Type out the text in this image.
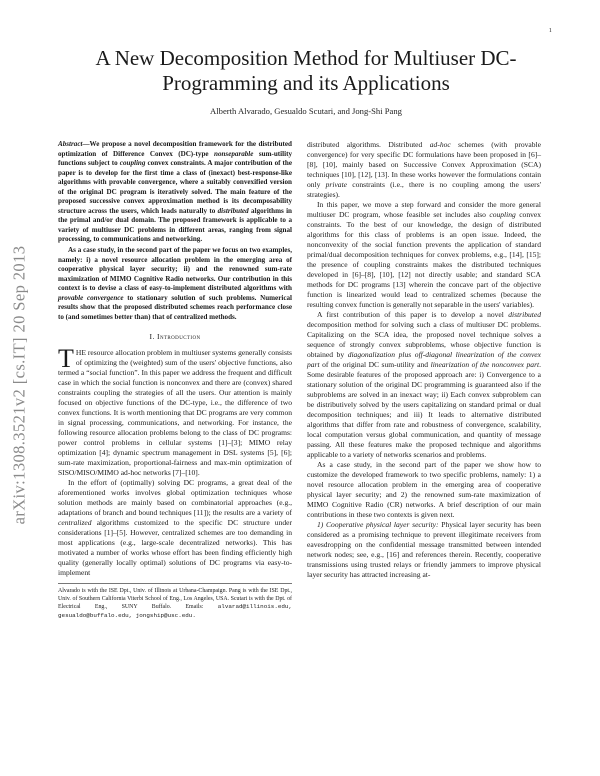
1
arXiv:1308.3521v2 [cs.IT] 20 Sep 2013
A New Decomposition Method for Multiuser DC-Programming and its Applications
Alberth Alvarado, Gesualdo Scutari, and Jong-Shi Pang

Abstract—We propose a novel decomposition framework for the distributed optimization of Difference Convex (DC)-type nonseparable sum-utility functions subject to coupling convex constraints. A major contribution of the paper is to develop for the first time a class of (inexact) best-response-like algorithms with provable convergence, where a suitably convexified version of the original DC program is iteratively solved. The main feature of the proposed successive convex approximation method is its decomposability structure across the users, which leads naturally to distributed algorithms in the primal and/or dual domain. The proposed framework is applicable to a variety of multiuser DC problems in different areas, ranging from signal processing, to communications and networking.

As a case study, in the second part of the paper we focus on two examples, namely: i) a novel resource allocation problem in the emerging area of cooperative physical layer security; ii) and the renowned sum-rate maximization of MIMO Cognitive Radio networks. Our contribution in this context is to devise a class of easy-to-implement distributed algorithms with provable convergence to stationary solution of such problems. Numerical results show that the proposed distributed schemes reach performance close to (and sometimes better than) that of centralized methods.

I. Introduction

THE resource allocation problem in multiuser systems generally consists of optimizing the (weighted) sum of the users' objective functions, also termed a “social function”. In this paper we address the frequent and difficult case in which the social function is nonconvex and there are (convex) shared constraints coupling the strategies of all the users. Our attention is mainly focused on objective functions of the DC-type, i.e., the difference of two convex functions. It is worth mentioning that DC programs are very common in signal processing, communications, and networking. For instance, the following resource allocation problems belong to the class of DC programs: power control problems in cellular systems [1]–[3]; MIMO relay optimization [4]; dynamic spectrum management in DSL systems [5], [6]; sum-rate maximization, proportional-fairness and max-min optimization of SISO/MISO/MIMO ad-hoc networks [7]–[10].

In the effort of (optimally) solving DC programs, a great deal of the aforementioned works involves global optimization techniques whose solution methods are mainly based on combinatorial approaches (e.g., adaptations of branch and bound techniques [11]); the results are a variety of centralized algorithms customized to the specific DC structure under considerations [1]–[5]. However, centralized schemes are too demanding in most applications (e.g., large-scale decentralized networks). This has motivated a number of works whose effort has been finding efficiently high quality (generally locally optimal) solutions of DC programs via easy-to-implement

Alvarado is with the ISE Dpt., Univ. of Illinois at Urbana-Champaign. Pang is with the ISE Dpt., Univ. of Southern California Viterbi School of Eng., Los Angeles, USA. Scutari is with the Dpt. of Electrical Eng., SUNY Buffalo. Emails: alvarad@illinois.edu, gesualdo@buffalo.edu, jongship@usc.edu.

distributed algorithms. Distributed ad-hoc schemes (with provable convergence) for very specific DC formulations have been proposed in [6]–[8], [10], mainly based on Successive Convex Approximation (SCA) techniques [10], [12], [13]. In these works however the formulations contain only private constraints (i.e., there is no coupling among the users' strategies).

In this paper, we move a step forward and consider the more general multiuser DC program, whose feasible set includes also coupling convex constraints. To the best of our knowledge, the design of distributed algorithms for this class of problems is an open issue. Indeed, the nonconvexity of the social function prevents the application of standard primal/dual decomposition techniques for convex problems, e.g., [14], [15]; the presence of coupling constraints makes the distributed techniques developed in [6]–[8], [10], [12] not directly usable; and standard SCA methods for DC programs [13] wherein the concave part of the objective function is linearized would lead to centralized schemes (because the resulting convex function is generally not separable in the users' variables).

A first contribution of this paper is to develop a novel distributed decomposition method for solving such a class of multiuser DC problems. Capitalizing on the SCA idea, the proposed novel technique solves a sequence of strongly convex subproblems, whose objective function is obtained by diagonalization plus off-diagonal linearization of the convex part of the original DC sum-utility and linearization of the nonconvex part. Some desirable features of the proposed approach are: i) Convergence to a stationary solution of the original DC programming is guaranteed also if the subproblems are solved in an inexact way; ii) Each convex subproblem can be distributively solved by the users capitalizing on standard primal or dual decomposition techniques; and iii) It leads to alternative distributed algorithms that differ from rate and robustness of convergence, scalability, local computation versus global communication, and quantity of message passing. All these features make the proposed technique and algorithms applicable to a variety of networks scenarios and problems.

As a case study, in the second part of the paper we show how to customize the developed framework to two specific problems, namely: 1) a novel resource allocation problem in the emerging area of cooperative physical layer security; and 2) the renowned sum-rate maximization of MIMO Cognitive Radio (CR) networks. A brief description of our main contributions in these two contexts is given next.

1) Cooperative physical layer security: Physical layer security has been considered as a promising technique to prevent illegitimate receivers from eavesdropping on the confidential message transmitted between intended network nodes; see, e.g., [16] and references therein. Recently, cooperative transmissions using trusted relays or friendly jammers to improve physical layer security has attracted increasing at-
